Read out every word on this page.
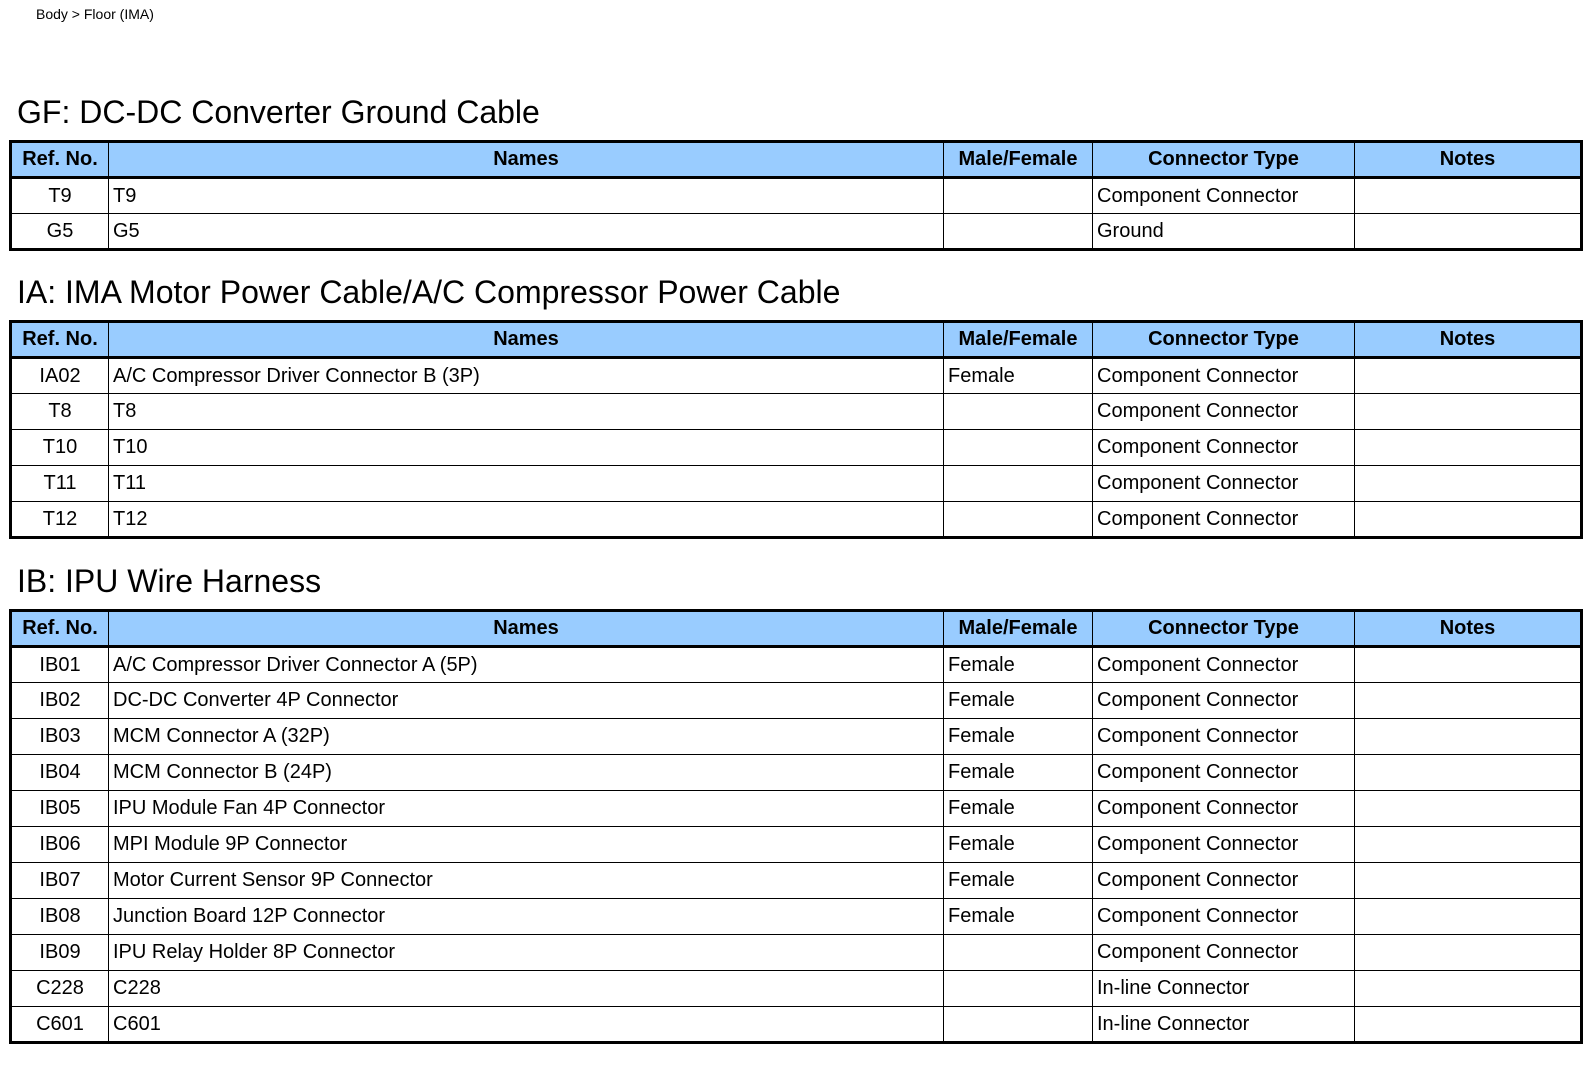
Body > Floor (IMA)
GF: DC-DC Converter Ground Cable
Ref. No.	Names	Male/Female	Connector Type	Notes
T9	T9		Component Connector	
G5	G5		Ground	
IA: IMA Motor Power Cable/A/C Compressor Power Cable
Ref. No.	Names	Male/Female	Connector Type	Notes
IA02	A/C Compressor Driver Connector B (3P)	Female	Component Connector	
T8	T8		Component Connector	
T10	T10		Component Connector	
T11	T11		Component Connector	
T12	T12		Component Connector	
IB: IPU Wire Harness
Ref. No.	Names	Male/Female	Connector Type	Notes
IB01	A/C Compressor Driver Connector A (5P)	Female	Component Connector	
IB02	DC-DC Converter 4P Connector	Female	Component Connector	
IB03	MCM Connector A (32P)	Female	Component Connector	
IB04	MCM Connector B (24P)	Female	Component Connector	
IB05	IPU Module Fan 4P Connector	Female	Component Connector	
IB06	MPI Module 9P Connector	Female	Component Connector	
IB07	Motor Current Sensor 9P Connector	Female	Component Connector	
IB08	Junction Board 12P Connector	Female	Component Connector	
IB09	IPU Relay Holder 8P Connector		Component Connector	
C228	C228		In-line Connector	
C601	C601		In-line Connector	
